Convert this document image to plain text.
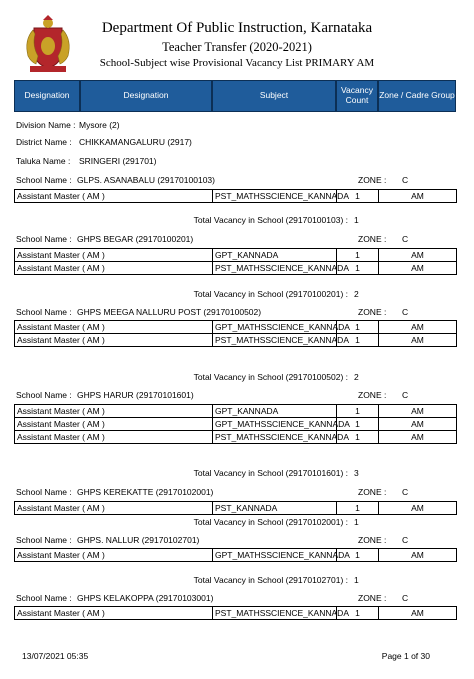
Department Of Public Instruction, Karnataka
Teacher Transfer (2020-2021)
School-Subject wise Provisional Vacancy List PRIMARY AM
Designation	Designation	Subject	Vacancy Count	Zone / Cadre Group
Division Name : Mysore (2)
District Name : CHIKKAMANGALURU (2917)
Taluka Name : SRINGERI (291701)
School Name : GLPS. ASANABALU (29170100103)	ZONE : C
Assistant Master ( AM )	PST_MATHSSCIENCE_KANNADA	1	AM
Total Vacancy in School (29170100103) : 1
School Name : GHPS BEGAR (29170100201)	ZONE : C
Assistant Master ( AM )	GPT_KANNADA	1	AM
Assistant Master ( AM )	PST_MATHSSCIENCE_KANNADA	1	AM
Total Vacancy in School (29170100201) : 2
School Name : GHPS MEEGA NALLURU POST (29170100502)	ZONE : C
Assistant Master ( AM )	GPT_MATHSSCIENCE_KANNADA	1	AM
Assistant Master ( AM )	PST_MATHSSCIENCE_KANNADA	1	AM
Total Vacancy in School (29170100502) : 2
School Name : GHPS HARUR (29170101601)	ZONE : C
Assistant Master ( AM )	GPT_KANNADA	1	AM
Assistant Master ( AM )	GPT_MATHSSCIENCE_KANNADA	1	AM
Assistant Master ( AM )	PST_MATHSSCIENCE_KANNADA	1	AM
Total Vacancy in School (29170101601) : 3
School Name : GHPS KEREKATTE (29170102001)	ZONE : C
Assistant Master ( AM )	PST_KANNADA	1	AM
Total Vacancy in School (29170102001) : 1
School Name : GHPS. NALLUR (29170102701)	ZONE : C
Assistant Master ( AM )	GPT_MATHSSCIENCE_KANNADA	1	AM
Total Vacancy in School (29170102701) : 1
School Name : GHPS KELAKOPPA (29170103001)	ZONE : C
Assistant Master ( AM )	PST_MATHSSCIENCE_KANNADA	1	AM
13/07/2021 05:35	Page 1 of 30
